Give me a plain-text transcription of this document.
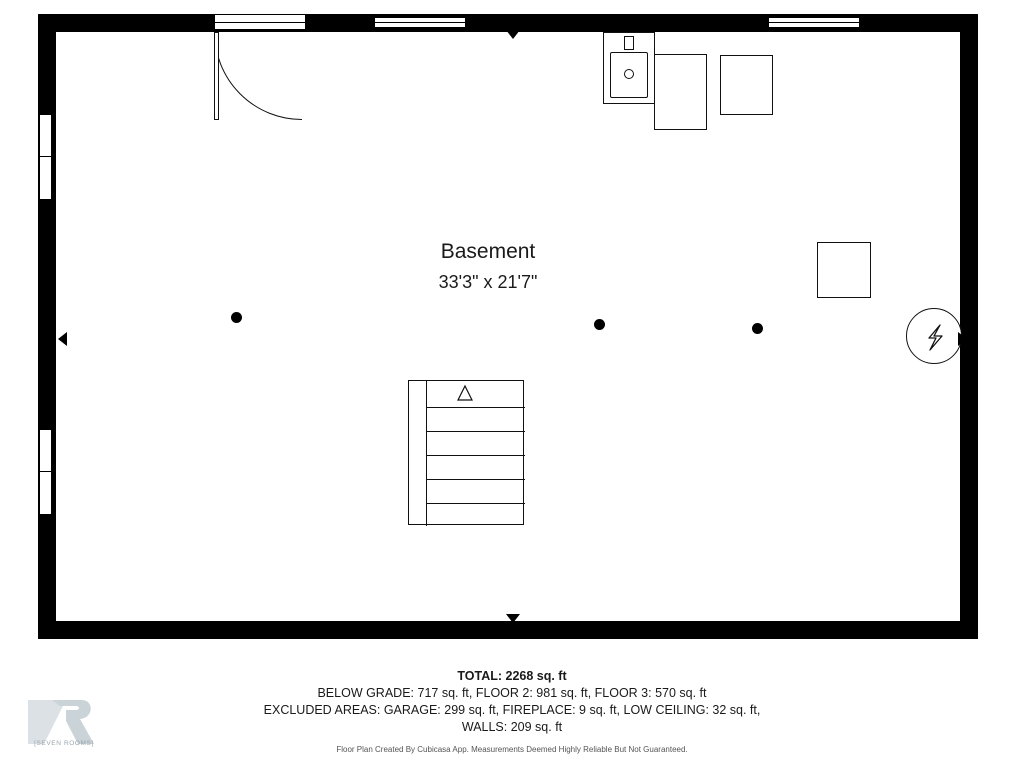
Basement
33'3" x 21'7"
TOTAL: 2268 sq. ft
BELOW GRADE: 717 sq. ft, FLOOR 2: 981 sq. ft, FLOOR 3: 570 sq. ft
EXCLUDED AREAS: GARAGE: 299 sq. ft, FIREPLACE: 9 sq. ft, LOW CEILING: 32 sq. ft,
WALLS: 209 sq. ft
Floor Plan Created By Cubicasa App. Measurements Deemed Highly Reliable But Not Guaranteed.
[SEVEN ROOMS]
